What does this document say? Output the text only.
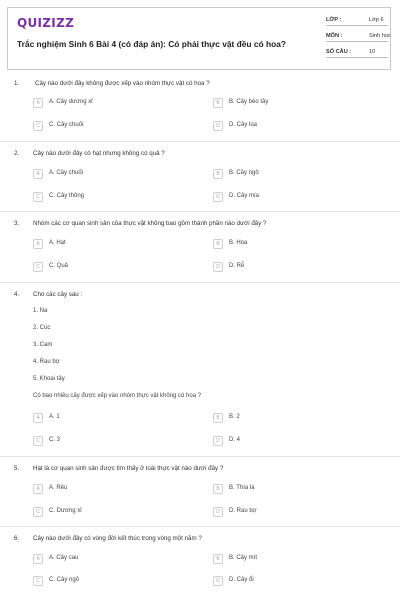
QUIZIZZ
Trắc nghiệm Sinh 6 Bài 4 (có đáp án): Có phải thực vật đều có hoa?
LỚP :	Lớp 6
MÔN :	Sinh học
SỐ CÂU :	10
1.	Cây nào dưới đây không được xếp vào nhóm thực vật có hoa ?
A	A. Cây dương xỉ	B	B. Cây bèo tây
C	C. Cây chuối	D	D. Cây lúa
2. Cây nào dưới đây có hạt nhưng không có quả ?
A	A. Cây chuối	B	B. Cây ngô
C	C. Cây thông	D	D. Cây mía
3. Nhóm các cơ quan sinh sản của thực vật không bao gồm thành phần nào dưới đây ?
A	A. Hạt	B	B. Hoa
C	C. Quả	D	D. Rễ
4. Cho các cây sau :
1. Na
2. Cúc
3. Cam
4. Rau bợ
5. Khoai tây
Có bao nhiêu cây được xếp vào nhóm thực vật không có hoa ?
A	A. 1	B	B. 2
C	C. 3	D	D. 4
5. Hạt là cơ quan sinh sản được tìm thấy ở loài thực vật nào dưới đây ?
A	A. Rêu	B	B. Thìa là
C	C. Dương xỉ	D	D. Rau bợ
6. Cây nào dưới đây có vòng đời kết thúc trong vòng một năm ?
A	A. Cây cau	B	B. Cây mít
C	C. Cây ngô	D	D. Cây ổi
